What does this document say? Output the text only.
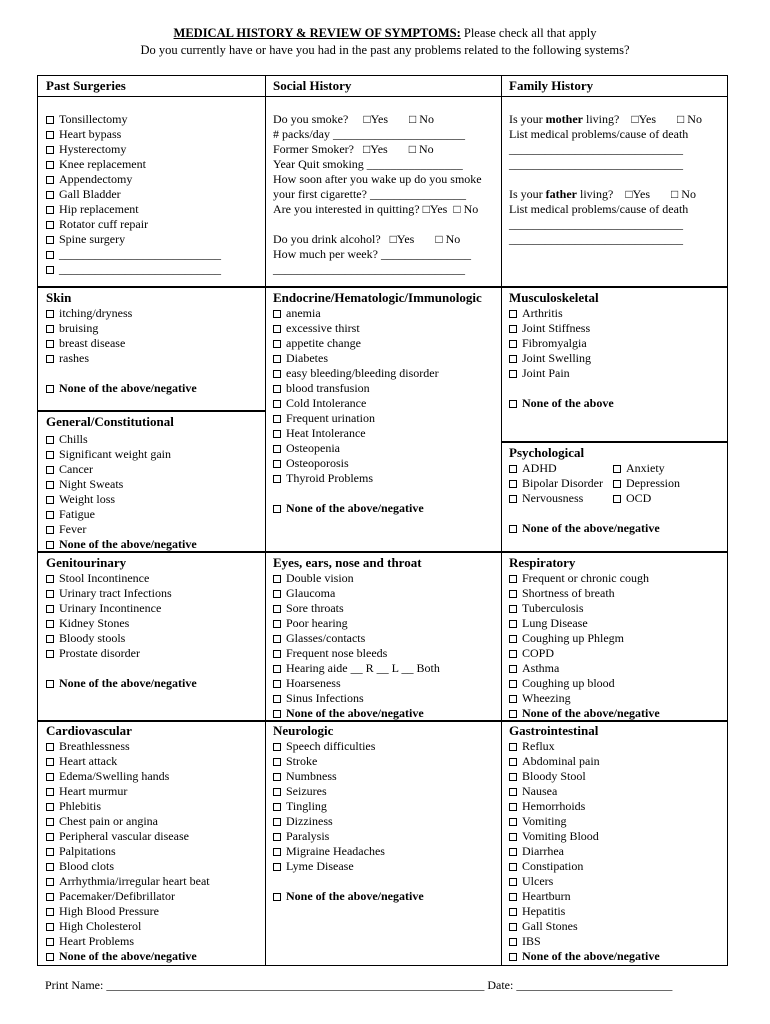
MEDICAL HISTORY & REVIEW OF SYMPTOMS: Please check all that apply
Do you currently have or have you had in the past any problems related to the following systems?
Past Surgeries
Tonsillectomy
Heart bypass
Hysterectomy
Knee replacement
Appendectomy
Gall Bladder
Hip replacement
Rotator cuff repair
Spine surgery
___________________________
___________________________
Social History
Do you smoke?     □Yes       □ No
# packs/day ______________________
Former Smoker?   □Yes       □ No
Year Quit smoking ________________
How soon after you wake up do you smoke
your first cigarette? ________________
Are you interested in quitting? □Yes  □ No
Do you drink alcohol?   □Yes       □ No
How much per week? _______________
________________________________
Family History
Is your mother living?    □Yes       □ No
List medical problems/cause of death
_____________________________
_____________________________
Is your father living?    □Yes       □ No
List medical problems/cause of death
_____________________________
_____________________________
Skin
itching/dryness
bruising
breast disease
rashes
None of the above/negative
General/Constitutional
Chills
Significant weight gain
Cancer
Night Sweats
Weight loss
Fatigue
Fever
None of the above/negative
Endocrine/Hematologic/Immunologic
anemia
excessive thirst
appetite change
Diabetes
easy bleeding/bleeding disorder
blood transfusion
Cold Intolerance
Frequent urination
Heat Intolerance
Osteopenia
Osteoporosis
Thyroid Problems
None of the above/negative
Musculoskeletal
Arthritis
Joint Stiffness
Fibromyalgia
Joint Swelling
Joint Pain
None of the above
Psychological
ADHD
Bipolar Disorder
Nervousness
Anxiety
Depression
OCD
None of the above/negative
Genitourinary
Stool Incontinence
Urinary tract Infections
Urinary Incontinence
Kidney Stones
Bloody stools
Prostate disorder
None of the above/negative
Eyes, ears, nose and throat
Double vision
Glaucoma
Sore throats
Poor hearing
Glasses/contacts
Frequent nose bleeds
Hearing aide __ R __ L __ Both
Hoarseness
Sinus Infections
None of the above/negative
Respiratory
Frequent or chronic cough
Shortness of breath
Tuberculosis
Lung Disease
Coughing up Phlegm
COPD
Asthma
Coughing up blood
Wheezing
None of the above/negative
Cardiovascular
Breathlessness
Heart attack
Edema/Swelling hands
Heart murmur
Phlebitis
Chest pain or angina
Peripheral vascular disease
Palpitations
Blood clots
Arrhythmia/irregular heart beat
Pacemaker/Defibrillator
High Blood Pressure
High Cholesterol
Heart Problems
None of the above/negative
Neurologic
Speech difficulties
Stroke
Numbness
Seizures
Tingling
Dizziness
Paralysis
Migraine Headaches
Lyme Disease
None of the above/negative
Gastrointestinal
Reflux
Abdominal pain
Bloody Stool
Nausea
Hemorrhoids
Vomiting
Vomiting Blood
Diarrhea
Constipation
Ulcers
Heartburn
Hepatitis
Gall Stones
IBS
None of the above/negative
Print Name: _______________________________________________________________ Date: __________________________
